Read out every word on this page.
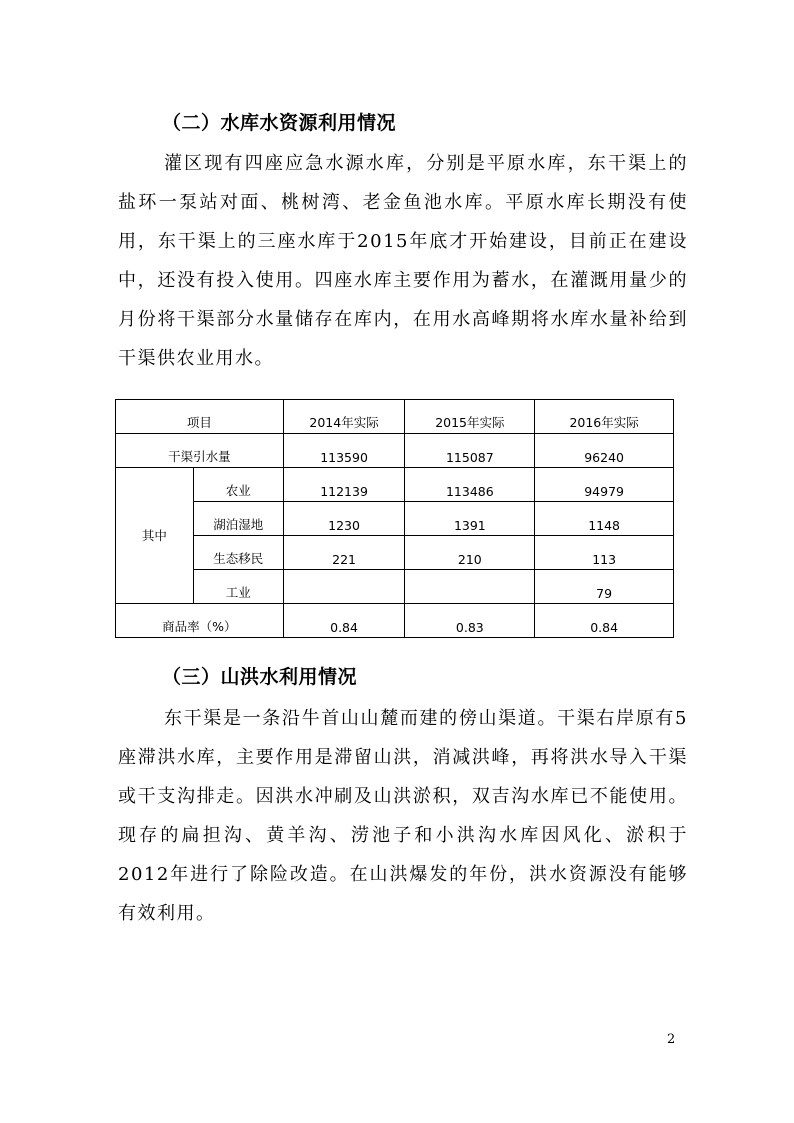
（二）水库水资源利用情况
灌区现有四座应急水源水库，分别是平原水库，东干渠上的盐环一泵站对面、桃树湾、老金鱼池水库。平原水库长期没有使用，东干渠上的三座水库于2015年底才开始建设，目前正在建设中，还没有投入使用。四座水库主要作用为蓄水，在灌溉用量少的月份将干渠部分水量储存在库内，在用水高峰期将水库水量补给到干渠供农业用水。
项目		2014年实际	2015年实际	2016年实际
干渠引水量		113590	115087	96240
其中	农业	112139	113486	94979
	湖泊湿地	1230	1391	1148
	生态移民	221	210	113
	工业			79
商品率（%）		0.84	0.83	0.84
（三）山洪水利用情况
东干渠是一条沿牛首山山麓而建的傍山渠道。干渠右岸原有5座滞洪水库，主要作用是滞留山洪，消减洪峰，再将洪水导入干渠或干支沟排走。因洪水冲刷及山洪淤积，双吉沟水库已不能使用。现存的扁担沟、黄羊沟、涝池子和小洪沟水库因风化、淤积于2012年进行了除险改造。在山洪爆发的年份，洪水资源没有能够有效利用。
2
